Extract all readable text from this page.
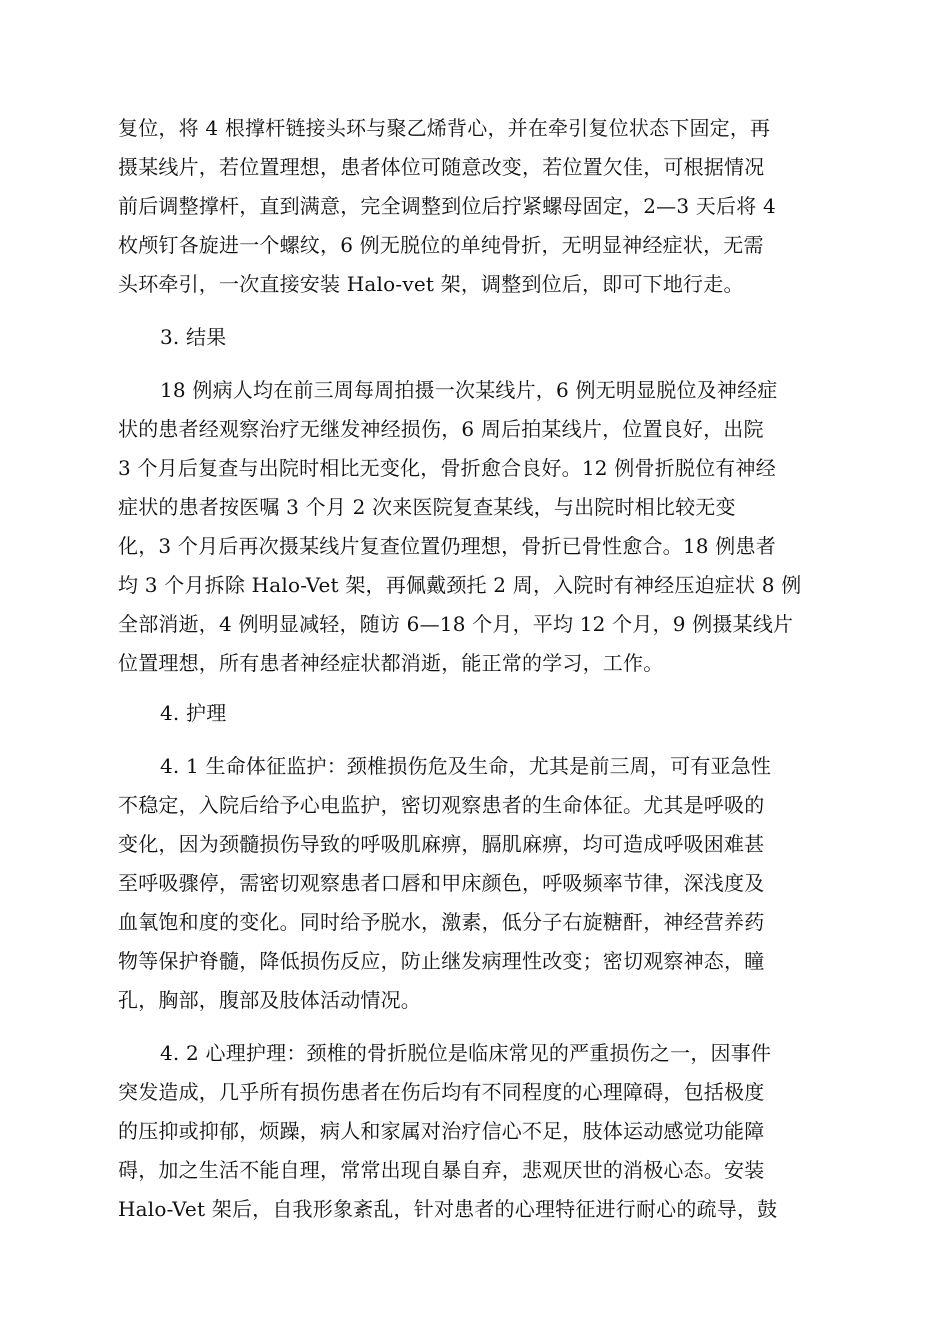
复位，将 4 根撑杆链接头环与聚乙烯背心，并在牵引复位状态下固定，再
摄某线片，若位置理想，患者体位可随意改变，若位置欠佳，可根据情况
前后调整撑杆，直到满意，完全调整到位后拧紧螺母固定，2—3 天后将 4
枚颅钉各旋进一个螺纹，6 例无脱位的单纯骨折，无明显神经症状，无需
头环牵引，一次直接安装 Halo-vet 架，调整到位后，即可下地行走。
3. 结果
18 例病人均在前三周每周拍摄一次某线片，6 例无明显脱位及神经症
状的患者经观察治疗无继发神经损伤，6 周后拍某线片，位置良好，出院
3 个月后复查与出院时相比无变化，骨折愈合良好。12 例骨折脱位有神经
症状的患者按医嘱 3 个月 2 次来医院复查某线，与出院时相比较无变
化，3 个月后再次摄某线片复查位置仍理想，骨折已骨性愈合。18 例患者
均 3 个月拆除 Halo-Vet 架，再佩戴颈托 2 周，入院时有神经压迫症状 8 例
全部消逝，4 例明显减轻，随访 6—18 个月，平均 12 个月，9 例摄某线片
位置理想，所有患者神经症状都消逝，能正常的学习，工作。
4. 护理
4. 1 生命体征监护：颈椎损伤危及生命，尤其是前三周，可有亚急性
不稳定，入院后给予心电监护，密切观察患者的生命体征。尤其是呼吸的
变化，因为颈髓损伤导致的呼吸肌麻痹，膈肌麻痹，均可造成呼吸困难甚
至呼吸骤停，需密切观察患者口唇和甲床颜色，呼吸频率节律，深浅度及
血氧饱和度的变化。同时给予脱水，激素，低分子右旋糖酐，神经营养药
物等保护脊髓，降低损伤反应，防止继发病理性改变；密切观察神态，瞳
孔，胸部，腹部及肢体活动情况。
4. 2 心理护理：颈椎的骨折脱位是临床常见的严重损伤之一，因事件
突发造成，几乎所有损伤患者在伤后均有不同程度的心理障碍，包括极度
的压抑或抑郁，烦躁，病人和家属对治疗信心不足，肢体运动感觉功能障
碍，加之生活不能自理，常常出现自暴自弃，悲观厌世的消极心态。安装
Halo-Vet 架后，自我形象紊乱，针对患者的心理特征进行耐心的疏导，鼓
